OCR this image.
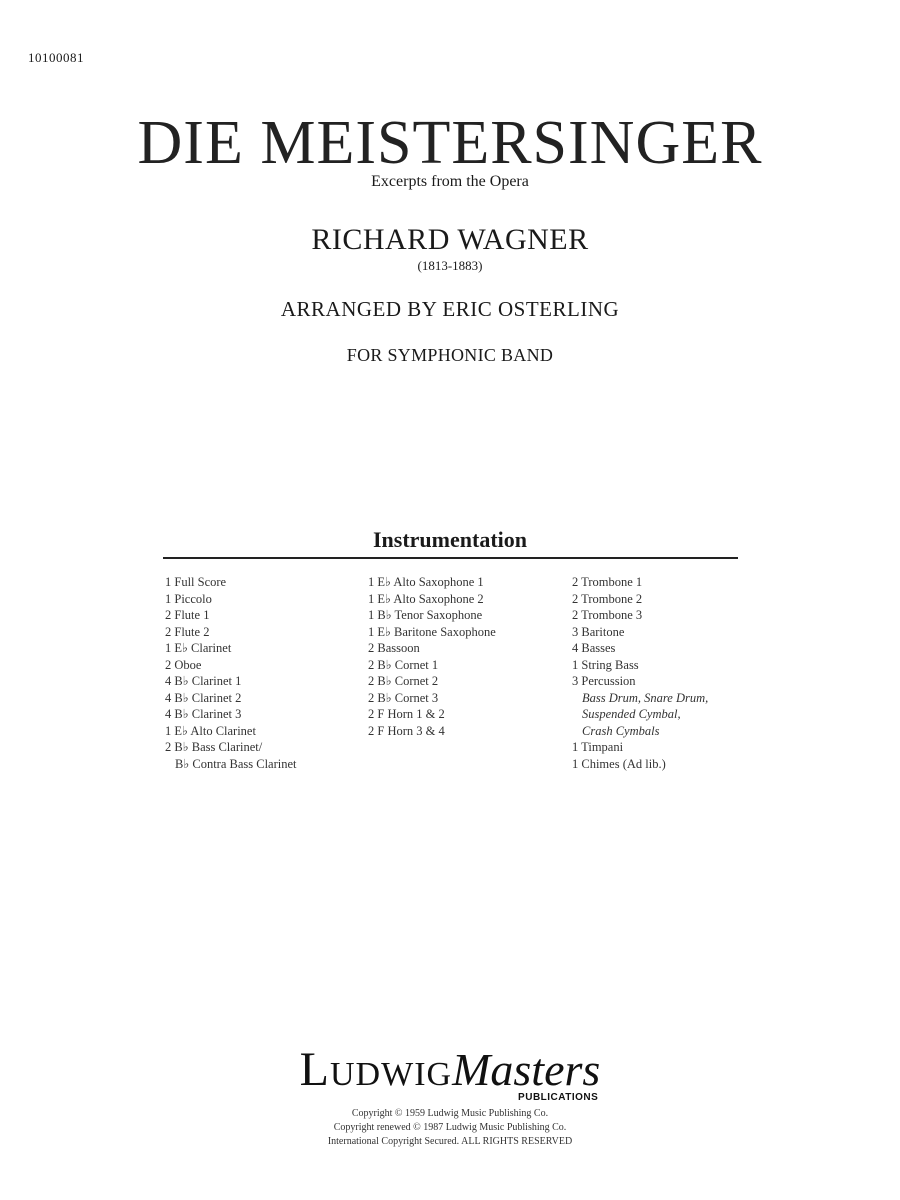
10100081
DIE MEISTERSINGER
Excerpts from the Opera
RICHARD WAGNER
(1813-1883)
ARRANGED BY ERIC OSTERLING
FOR SYMPHONIC BAND
Instrumentation
1 Full Score
1 Piccolo
2 Flute 1
2 Flute 2
1 E♭ Clarinet
2 Oboe
4 B♭ Clarinet 1
4 B♭ Clarinet 2
4 B♭ Clarinet 3
1 E♭ Alto Clarinet
2 B♭ Bass Clarinet/
B♭ Contra Bass Clarinet
1 E♭ Alto Saxophone 1
1 E♭ Alto Saxophone 2
1 B♭ Tenor Saxophone
1 E♭ Baritone Saxophone
2 Bassoon
2 B♭ Cornet 1
2 B♭ Cornet 2
2 B♭ Cornet 3
2 F Horn 1 & 2
2 F Horn 3 & 4
2 Trombone 1
2 Trombone 2
2 Trombone 3
3 Baritone
4 Basses
1 String Bass
3 Percussion
Bass Drum, Snare Drum,
Suspended Cymbal,
Crash Cymbals
1 Timpani
1 Chimes (Ad lib.)
LudwigMasters
PUBLICATIONS
Copyright © 1959 Ludwig Music Publishing Co.
Copyright renewed © 1987 Ludwig Music Publishing Co.
International Copyright Secured. ALL RIGHTS RESERVED
